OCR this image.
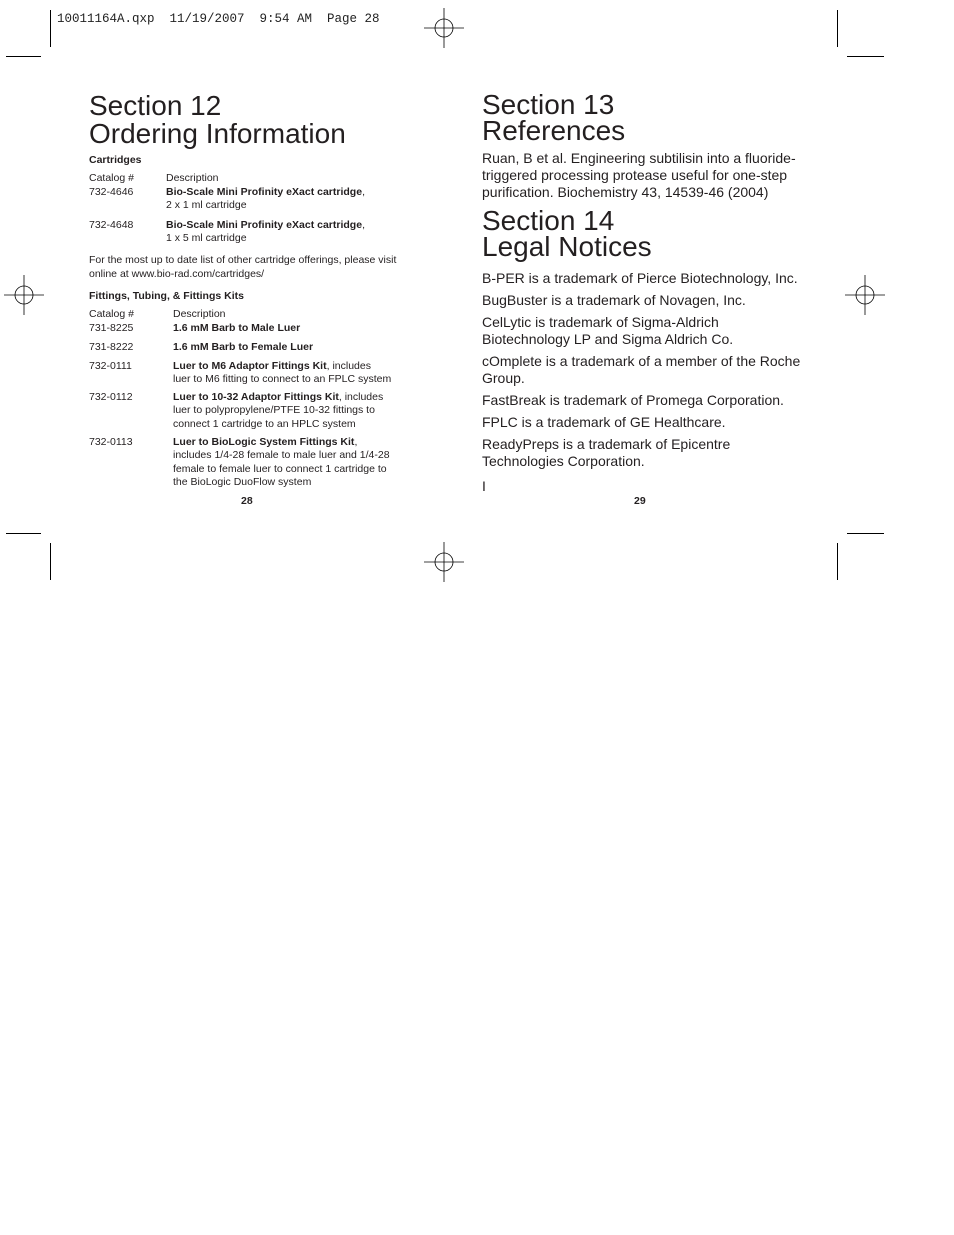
10011164A.qxp  11/19/2007  9:54 AM  Page 28
Section 12
Ordering Information
Cartridges
Catalog #	Description
732-4646	Bio-Scale Mini Profinity eXact cartridge,
2 x 1 ml cartridge
732-4648	Bio-Scale Mini Profinity eXact cartridge,
1 x 5 ml cartridge
For the most up to date list of other cartridge offerings, please visit
online at www.bio-rad.com/cartridges/
Fittings, Tubing, & Fittings Kits
Catalog #	Description
731-8225	1.6 mM Barb to Male Luer
731-8222	1.6 mM Barb to Female Luer
732-0111	Luer to M6 Adaptor Fittings Kit, includes
luer to M6 fitting to connect to an FPLC system
732-0112	Luer to 10-32 Adaptor Fittings Kit, includes
luer to polypropylene/PTFE 10-32 fittings to
connect 1 cartridge to an HPLC system
732-0113	Luer to BioLogic System Fittings Kit,
includes 1/4-28 female to male luer and 1/4-28
female to female luer to connect 1 cartridge to
the BioLogic DuoFlow system
28
Section 13
References
Ruan, B et al. Engineering subtilisin into a fluoride-
triggered processing protease useful for one-step
purification. Biochemistry 43, 14539-46 (2004)
Section 14
Legal Notices

B-PER is a trademark of Pierce Biotechnology, Inc.

BugBuster is a trademark of Novagen, Inc.

CelLytic is trademark of Sigma-Aldrich
Biotechnology LP and Sigma Aldrich Co.

cOmplete is a trademark of a member of the Roche
Group.

FastBreak is trademark of Promega Corporation.

FPLC is a trademark of GE Healthcare.

ReadyPreps is a trademark of Epicentre
Technologies Corporation.

I

29
